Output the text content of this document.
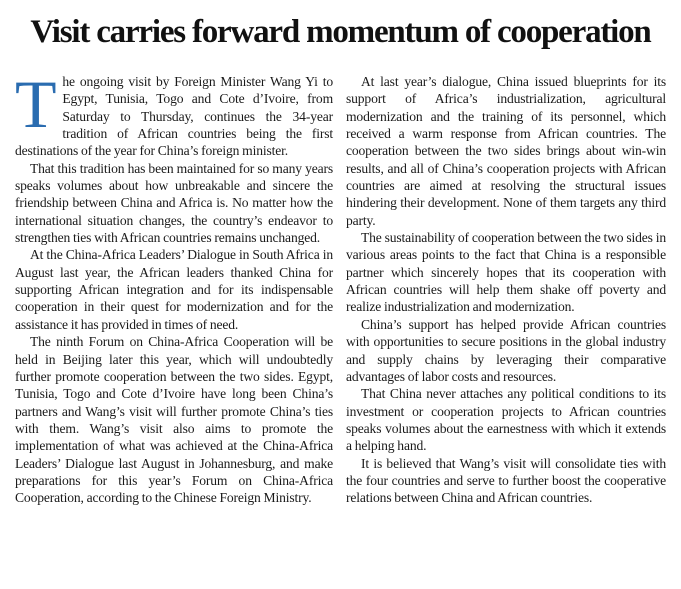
Visit carries forward momentum of cooperation

The ongoing visit by Foreign Minister Wang Yi to Egypt, Tunisia, Togo and Cote d’Ivoire, from Saturday to Thursday, continues the 34-year tradition of African countries being the first destinations of the year for China’s foreign minister.

That this tradition has been maintained for so many years speaks volumes about how unbreakable and sincere the friendship between China and Africa is. No matter how the international situation changes, the country’s endeavor to strengthen ties with African countries remains unchanged.

At the China-Africa Leaders’ Dialogue in South Africa in August last year, the African leaders thanked China for supporting African integration and for its indispensable cooperation in their quest for modernization and for the assistance it has provided in times of need.

The ninth Forum on China-Africa Cooperation will be held in Beijing later this year, which will undoubtedly further promote cooperation between the two sides. Egypt, Tunisia, Togo and Cote d’Ivoire have long been China’s partners and Wang’s visit will further promote China’s ties with them. Wang’s visit also aims to promote the implementation of what was achieved at the China-Africa Leaders’ Dialogue last August in Johannesburg, and make preparations for this year’s Forum on China-Africa Cooperation, according to the Chinese Foreign Ministry.

At last year’s dialogue, China issued blueprints for its support of Africa’s industrialization, agricultural modernization and the training of its personnel, which received a warm response from African countries. The cooperation between the two sides brings about win-win results, and all of China’s cooperation projects with African countries are aimed at resolving the structural issues hindering their development. None of them targets any third party.

The sustainability of cooperation between the two sides in various areas points to the fact that China is a responsible partner which sincerely hopes that its cooperation with African countries will help them shake off poverty and realize industrialization and modernization.

China’s support has helped provide African countries with opportunities to secure positions in the global industry and supply chains by leveraging their comparative advantages of labor costs and resources.

That China never attaches any political conditions to its investment or cooperation projects to African countries speaks volumes about the earnestness with which it extends a helping hand.

It is believed that Wang’s visit will consolidate ties with the four countries and serve to further boost the cooperative relations between China and African countries.
